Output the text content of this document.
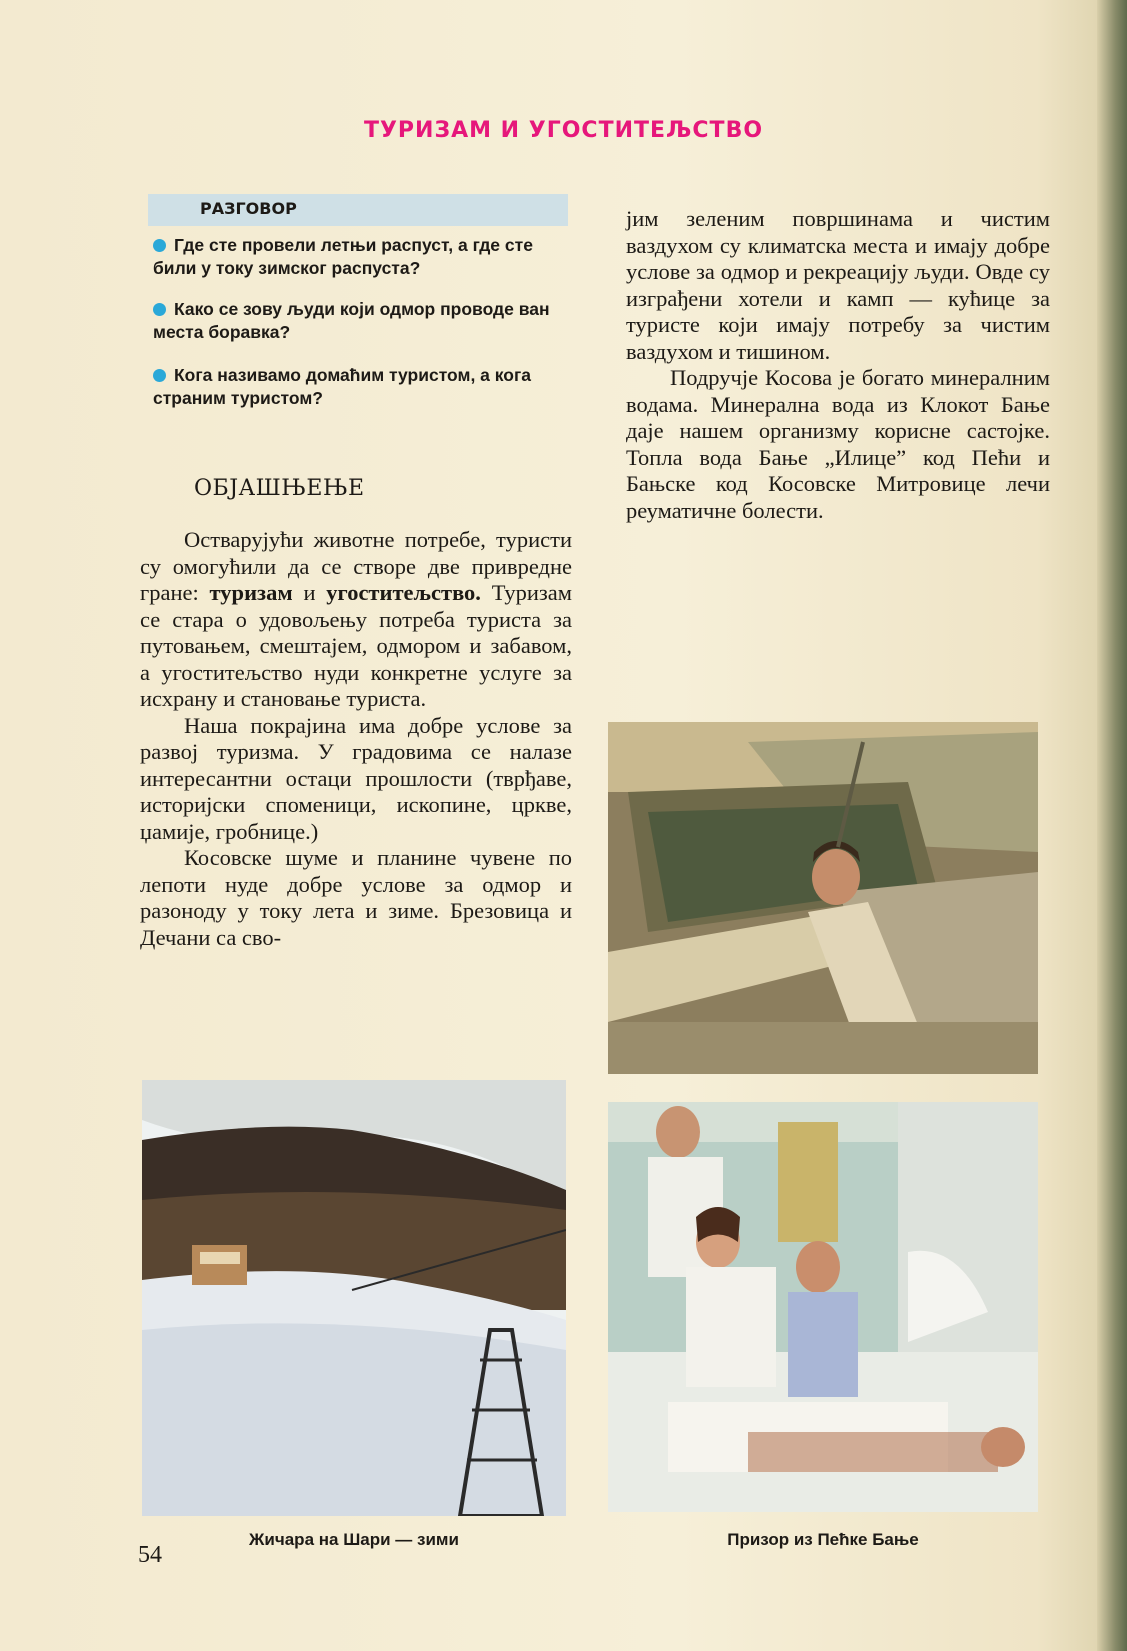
ТУРИЗАМ И УГОСТИТЕЉСТВО
РАЗГОВОР
Где сте провели летњи распуст, а где сте били у току зимског распуста?
Како се зову људи који одмор проводе ван места боравка?
Кога називамо домаћим туристом, а кога страним туристом?
ОБЈАШЊЕЊЕ

Остварујући животне потребе, туристи су омогућили да се створе две привредне гране: туризам и угоститељство. Туризам се стара о удовољењу потреба туриста за путовањем, смештајем, одмором и забавом, а угоститељство нуди конкретне услуге за исхрану и становање туриста.

Наша покрајина има добре услове за развој туризма. У градовима се налазе интересантни остаци прошлости (тврђаве, историјски споменици, ископине, цркве, џамије, гробнице.)

Косовске шуме и планине чувене по лепоти нуде добре услове за одмор и разоноду у току лета и зиме. Брезовица и Дечани са сво-

јим зеленим површинама и чистим ваздухом су климатска места и имају добре услове за одмор и рекреацију људи. Овде су изграђени хотели и камп — кућице за туристе који имају потребу за чистим ваздухом и тишином.

Подручје Косова је богато минералним водама. Минерална вода из Клокот Бање даје нашем организму корисне састојке. Топла вода Бање „Илице” код Пећи и Бањске код Косовске Митровице лечи реуматичне болести.

Жичара на Шари — зими	Призор из Пећке Бање
54
